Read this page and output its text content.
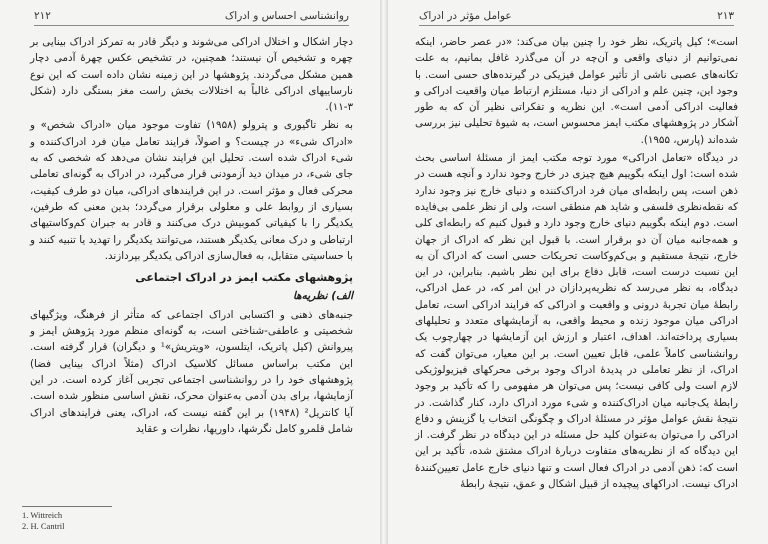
۲۱۲	روانشناسی احساس و ادراک

دچار اشکال و اختلال ادراکی می‌شوند و دیگر قادر به تمرکز ادراک بینایی بر چهره و تشخیص آن نیستند؛ همچنین، در تشخیص عکس چهرهٔ آدمی دچار همین مشکل می‌گردند. پژوهشها در این زمینه نشان داده است که این نوع نارساییهای ادراکی غالباً به اختلالات بخش راست مغز بستگی دارد (شکل ۳-۱۱).

به نظر تاگیوری و پترولو (۱۹۵۸) تفاوت موجود میان «ادراک شخص» و «ادراک شیء» در چیست؟ و اصولاً، فرایند تعامل میان فرد ادراک‌کننده و شیء ادراک شده است. تحلیل این فرایند نشان می‌دهد که شخصی که به جای شیء، در میدان دید آزمودنی قرار می‌گیرد، در ادراک به گونه‌ای تعاملی محرکی فعال و مؤثر است. در این فرایندهای ادراکی، میان دو طرف کیفیت، بسیاری از روابط علی و معلولی برقرار می‌گردد؛ بدین معنی که طرفین، یکدیگر را با کیفیاتی کموبیش درک می‌کنند و قادر به جبران کم‌وکاستیهای ارتباطی و درک معانی یکدیگر هستند، می‌توانند یکدیگر را تهدید یا تنبیه کنند و با حساسیتی متقابل، به فعال‌سازی ادراکی یکدیگر بپردازند.

پژوهشهای مکتب ایمز در ادراک اجتماعی
الف) نظریه‌ها

جنبه‌های ذهنی و اکتسابی ادراک اجتماعی که متأثر از فرهنگ، ویژگیهای شخصیتی و عاطفی-شناختی است، به گونه‌ای منظم مورد پژوهش ایمز و پیروانش (کیل پاتریک، ایتلسون، «ویتریش»¹ و دیگران) قرار گرفته است. این مکتب براساس مسائل کلاسیک ادراک (مثلاً ادراک بینایی فضا) پژوهشهای خود را در روانشناسی اجتماعی تجربی آغاز کرده است. در این آزمایشها، برای بدن آدمی به‌عنوان محرک، نقش اساسی منظور شده است. آیا کانتریل² (۱۹۴۸) بر این گفته نیست که، ادراک، یعنی فرایندهای ادراک شامل قلمرو کامل نگرشها، داوریها، نظرات و عقاید

1. Wittreich
2. H. Cantril
عوامل مؤثر در ادراک	۲۱۳

است»؛ کیل پاتریک، نظر خود را چنین بیان می‌کند: «در عصر حاضر، اینکه نمی‌توانیم از دنیای واقعی و آن‌چه در آن می‌گذرد غافل بمانیم، به علت تکانه‌های عصبی ناشی از تأثیر عوامل فیزیکی در گیرنده‌های حسی است. با وجود این، چنین علم و ادراکی از دنیا، مستلزم ارتباط میان واقعیت ادراکی و فعالیت ادراکی آدمی است». این نظریه و تفکراتی نظیر آن که به طور آشکار در پژوهشهای مکتب ایمز محسوس است، به شیوهٔ تحلیلی نیز بررسی شده‌اند (پارس، ۱۹۵۵).

در دیدگاه «تعامل ادراکی» مورد توجه مکتب ایمز از مسئلهٔ اساسی بحث شده است: اول اینکه بگوییم هیچ چیزی در خارج وجود ندارد و آنچه هست در ذهن است، پس رابطه‌ای میان فرد ادراک‌کننده و دنیای خارج نیز وجود ندارد که نقطه‌نظری فلسفی و شاید هم منطقی است، ولی از نظر علمی بی‌فایده است. دوم اینکه بگوییم دنیای خارج وجود دارد و قبول کنیم که رابطه‌ای کلی و همه‌جانبه میان آن دو برقرار است. با قبول این نظر که ادراک از جهان خارج، نتیجهٔ مستقیم و بی‌کم‌وکاست تحریکات حسی است که ادراک آن به این نسبت درست است، قابل دفاع برای این نظر باشیم. بنابراین، در این دیدگاه، به نظر می‌رسد که نظریه‌پردازان در این امر که، در عمل ادراکی، رابطهٔ میان تجربهٔ درونی و واقعیت و ادراکی که فرایند ادراکی است، تعامل ادراکی میان موجود زنده و محیط واقعی، به آزمایشهای متعدد و تحلیلهای بسیاری پرداخته‌اند. اهداف، اعتبار و ارزش این آزمایشها در چهارچوب یک روانشناسی کاملاً علمی، قابل تعیین است. بر این معیار، می‌توان گفت که ادراک، از نظر تعاملی در پدیدهٔ ادراک وجود برخی محرکهای فیزیولوژیکی لازم است ولی کافی نیست؛ پس می‌توان هر مفهومی را که تأکید بر وجود رابطهٔ یک‌جانبه میان ادراک‌کننده و شیء مورد ادراک دارد، کنار گذاشت. در نتیجهٔ نقش عوامل مؤثر در مسئلهٔ ادراک و چگونگی انتخاب یا گزینش و دفاع ادراکی را می‌توان به‌عنوان کلید حل مسئله در این دیدگاه در نظر گرفت. از این دیدگاه که از نظریه‌های متفاوت دربارهٔ ادراک مشتق شده، تأکید بر این است که: ذهن آدمی در ادراک فعال است و تنها دنیای خارج عامل تعیین‌کنندهٔ ادراک نیست. ادراکهای پیچیده از قبیل اشکال و عمق، نتیجهٔ رابطهٔ
